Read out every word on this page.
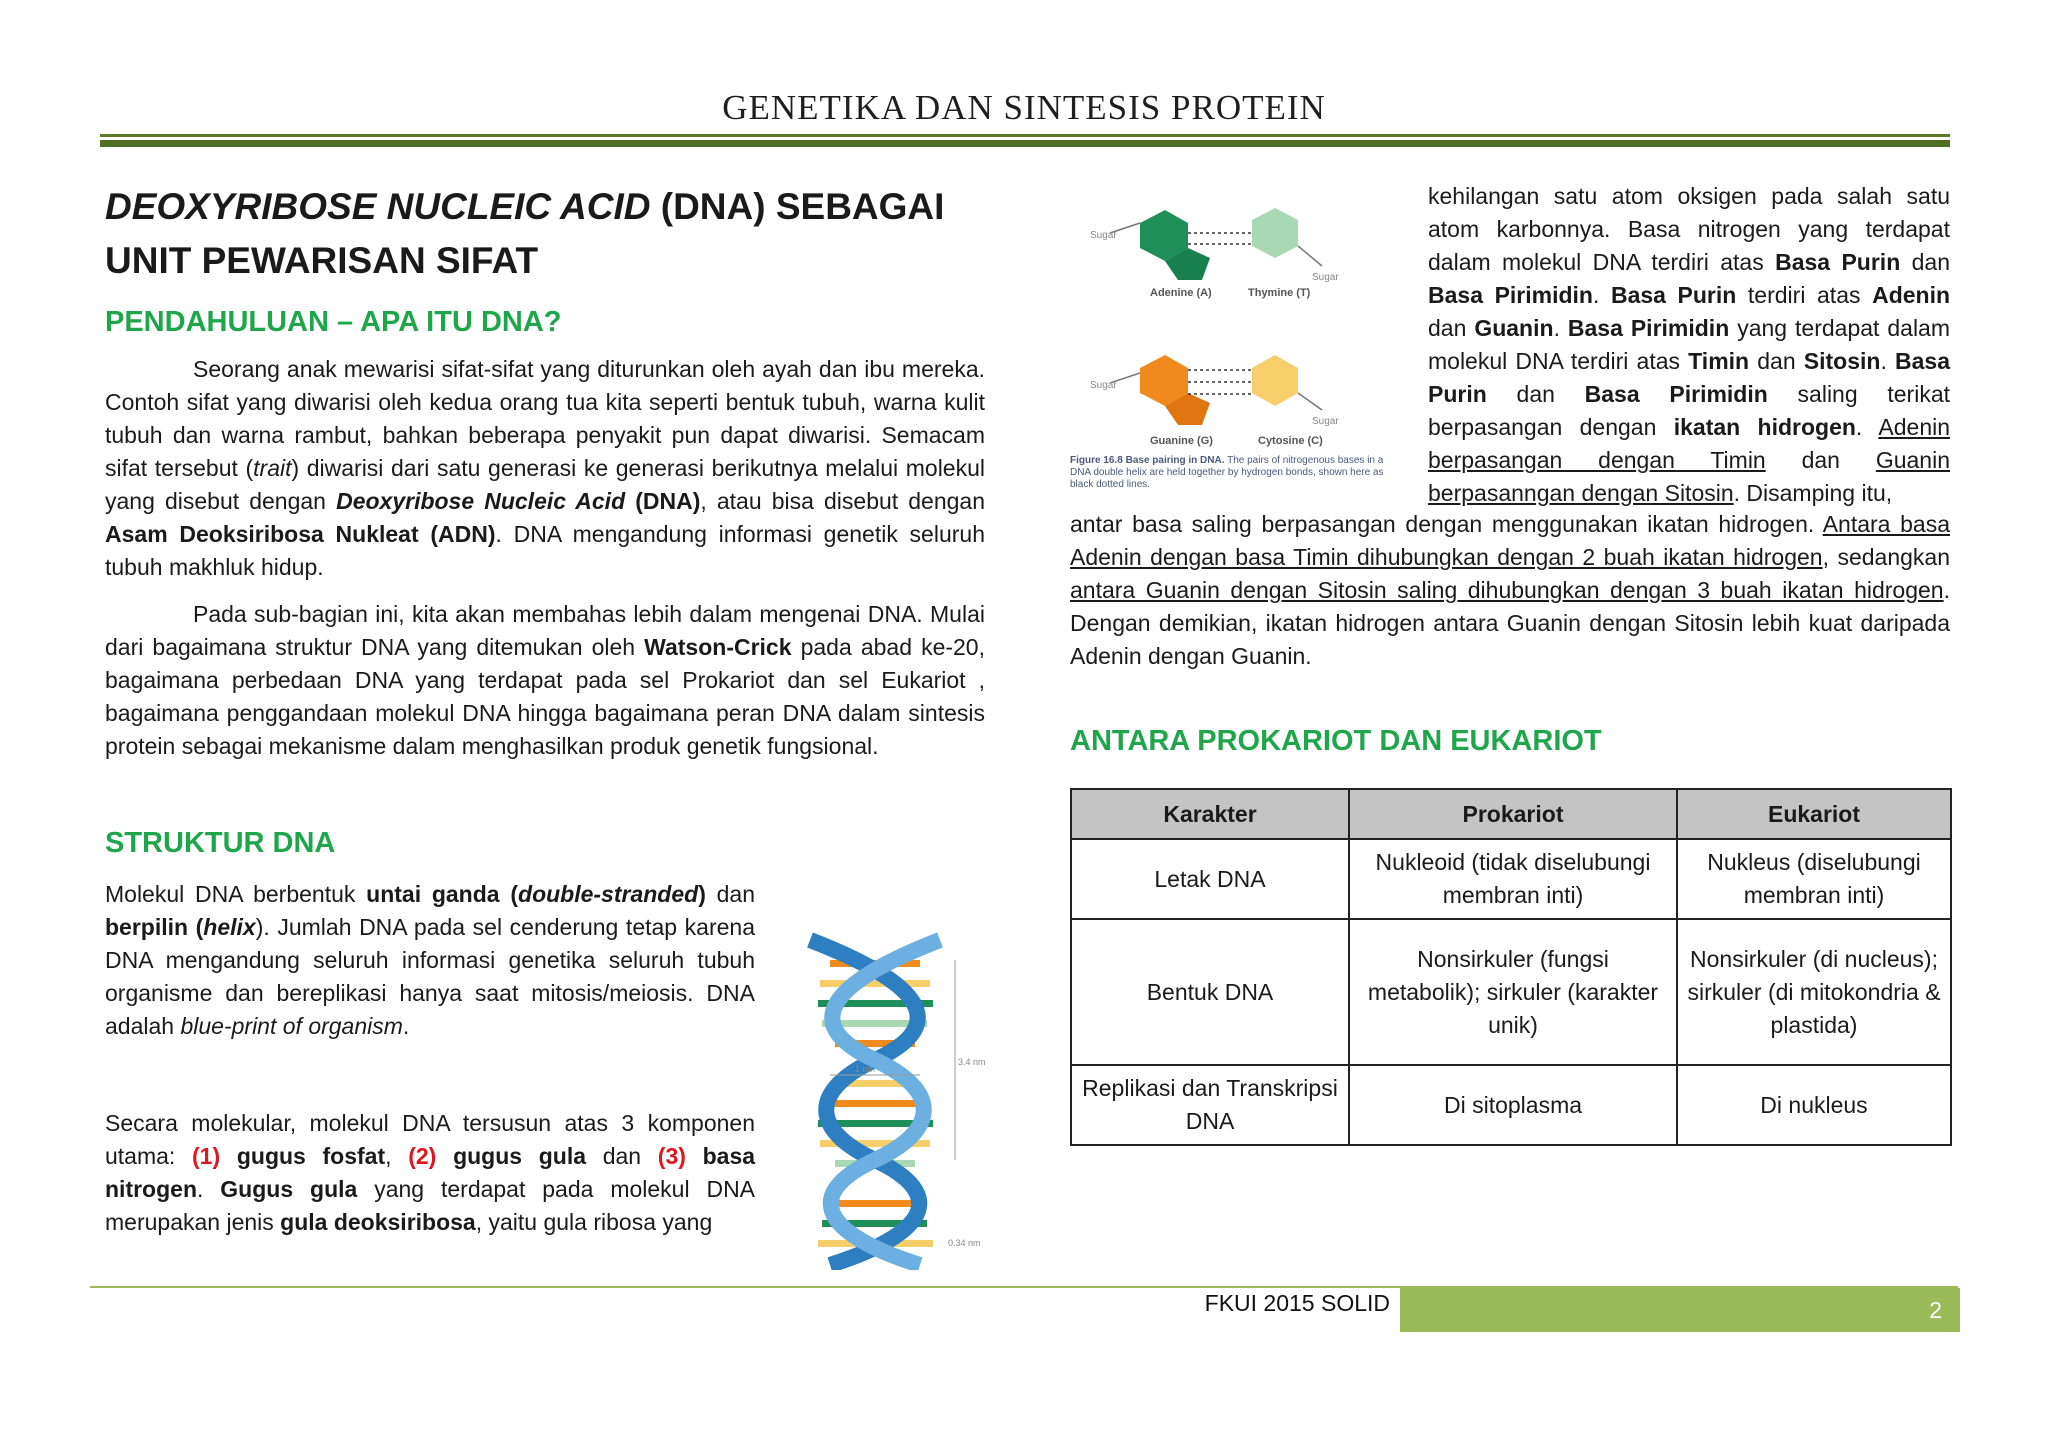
GENETIKA DAN SINTESIS PROTEIN
DEOXYRIBOSE NUCLEIC ACID (DNA) SEBAGAI
UNIT PEWARISAN SIFAT
PENDAHULUAN – APA ITU DNA?

Seorang anak mewarisi sifat-sifat yang diturunkan oleh ayah dan ibu mereka. Contoh sifat yang diwarisi oleh kedua orang tua kita seperti bentuk tubuh, warna kulit tubuh dan warna rambut, bahkan beberapa penyakit pun dapat diwarisi. Semacam sifat tersebut (trait) diwarisi dari satu generasi ke generasi berikutnya melalui molekul yang disebut dengan Deoxyribose Nucleic Acid (DNA), atau bisa disebut dengan Asam Deoksiribosa Nukleat (ADN). DNA mengandung informasi genetik seluruh tubuh makhluk hidup.

Pada sub-bagian ini, kita akan membahas lebih dalam mengenai DNA. Mulai dari bagaimana struktur DNA yang ditemukan oleh Watson-Crick pada abad ke-20, bagaimana perbedaan DNA yang terdapat pada sel Prokariot dan sel Eukariot , bagaimana penggandaan molekul DNA hingga bagaimana peran DNA dalam sintesis protein sebagai mekanisme dalam menghasilkan produk genetik fungsional.

STRUKTUR DNA

Molekul DNA berbentuk untai ganda (double-stranded) dan berpilin (helix). Jumlah DNA pada sel cenderung tetap karena DNA mengandung seluruh informasi genetika seluruh tubuh organisme dan bereplikasi hanya saat mitosis/meiosis. DNA adalah blue-print of organism.

Secara molekular, molekul DNA tersusun atas 3 komponen utama: (1) gugus fosfat, (2) gugus gula dan (3) basa nitrogen. Gugus gula yang terdapat pada molekul DNA merupakan jenis gula deoksiribosa, yaitu gula ribosa yang

Sugar
Sugar
Adenine (A)	Thymine (T)
Sugar
Sugar
Guanine (G)	Cytosine (C)
Figure 16.8 Base pairing in DNA. The pairs of nitrogenous bases in a DNA double helix are held together by hydrogen bonds, shown here as black dotted lines.

kehilangan satu atom oksigen pada salah satu atom karbonnya. Basa nitrogen yang terdapat dalam molekul DNA terdiri atas Basa Purin dan Basa Pirimidin. Basa Purin terdiri atas Adenin dan Guanin. Basa Pirimidin yang terdapat dalam molekul DNA terdiri atas Timin dan Sitosin. Basa Purin dan Basa Pirimidin saling terikat berpasangan dengan ikatan hidrogen. Adenin berpasangan dengan Timin dan Guanin berpasanngan dengan Sitosin. Disamping itu,

antar basa saling berpasangan dengan menggunakan ikatan hidrogen. Antara basa Adenin dengan basa Timin dihubungkan dengan 2 buah ikatan hidrogen, sedangkan antara Guanin dengan Sitosin saling dihubungkan dengan 3 buah ikatan hidrogen. Dengan demikian, ikatan hidrogen antara Guanin dengan Sitosin lebih kuat daripada Adenin dengan Guanin.

ANTARA PROKARIOT DAN EUKARIOT
Karakter	Prokariot	Eukariot
Letak DNA	Nukleoid (tidak diselubungi membran inti)	Nukleus (diselubungi membran inti)
Bentuk DNA	Nonsirkuler (fungsi metabolik); sirkuler (karakter unik)	Nonsirkuler (di nucleus); sirkuler (di mitokondria & plastida)
Replikasi dan Transkripsi DNA	Di sitoplasma	Di nukleus
3.4 nm
1 nm
0.34 nm
FKUI 2015 SOLID	2
